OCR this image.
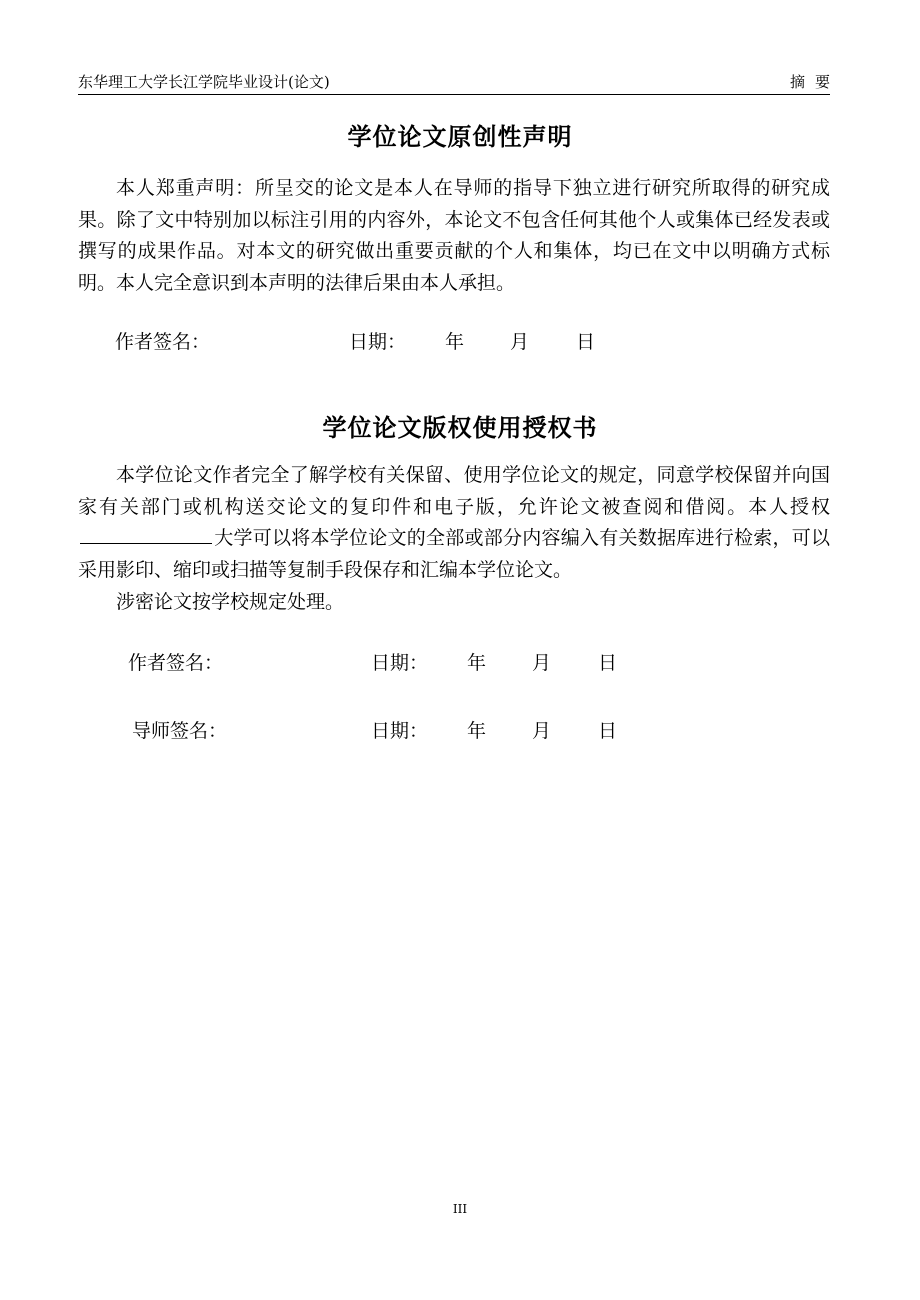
东华理工大学长江学院毕业设计(论文)	摘要
学位论文原创性声明

本人郑重声明：所呈交的论文是本人在导师的指导下独立进行研究所取得的研究成果。除了文中特别加以标注引用的内容外，本论文不包含任何其他个人或集体已经发表或撰写的成果作品。对本文的研究做出重要贡献的个人和集体，均已在文中以明确方式标明。本人完全意识到本声明的法律后果由本人承担。

作者签名：	日期： 年 月 日
学位论文版权使用授权书

本学位论文作者完全了解学校有关保留、使用学位论文的规定，同意学校保留并向国家有关部门或机构送交论文的复印件和电子版，允许论文被查阅和借阅。本人授权大学可以将本学位论文的全部或部分内容编入有关数据库进行检索，可以采用影印、缩印或扫描等复制手段保存和汇编本学位论文。

涉密论文按学校规定处理。

作者签名：	日期： 年 月 日
导师签名：	日期： 年 月 日
III
